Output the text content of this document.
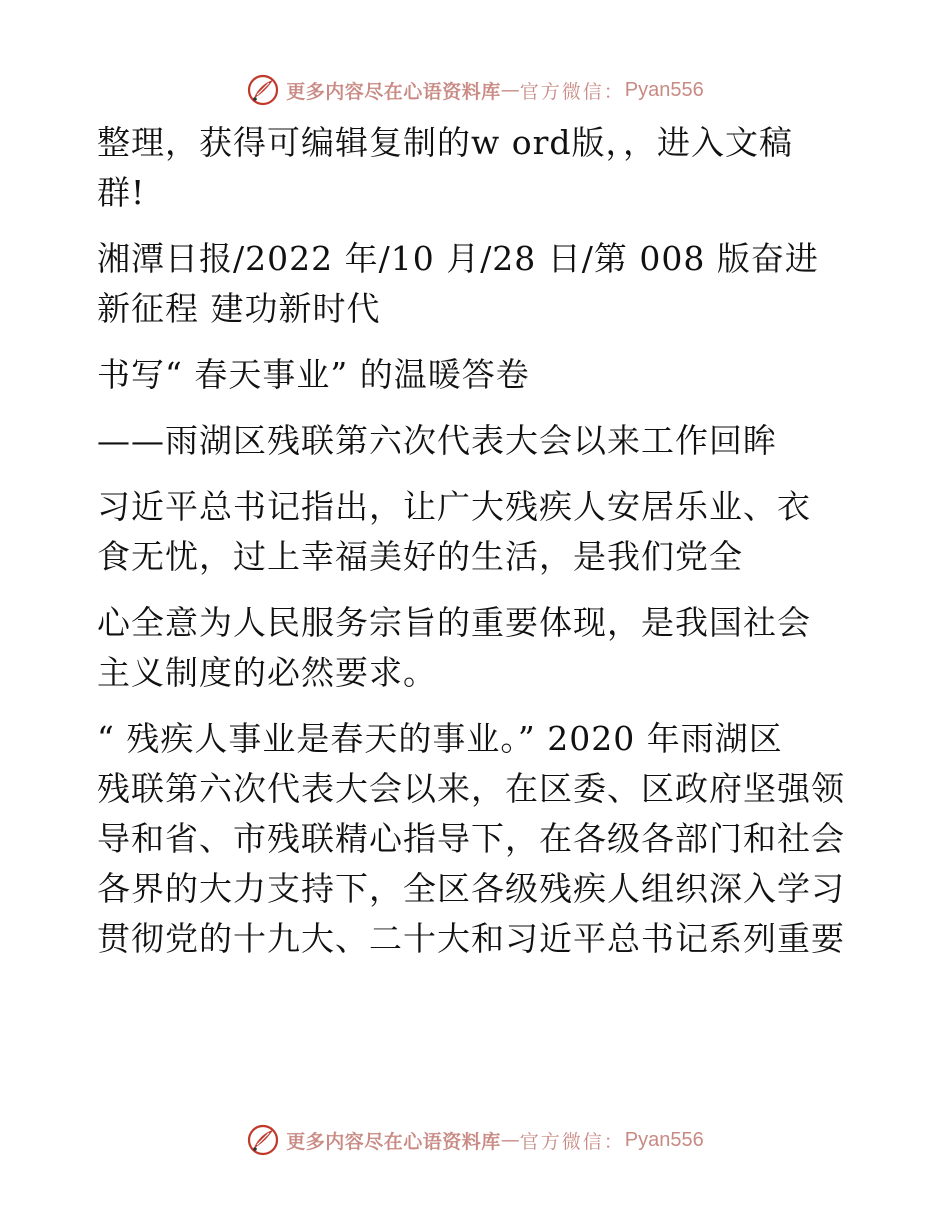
更多内容尽在心语资料库 — 官方微信： Pyan556

整理，获得可编辑复制的w ord版，，进入文稿

群!

湘潭日报/2022 年/10 月/28 日/第 008 版奋进

新征程 建功新时代

书写“ 春天事业” 的温暖答卷

——雨湖区残联第六次代表大会以来工作回眸

习近平总书记指出，让广大残疾人安居乐业、衣

食无忧，过上幸福美好的生活，是我们党全

心全意为人民服务宗旨的重要体现，是我国社会

主义制度的必然要求。

“ 残疾人事业是春天的事业。” 2020 年雨湖区

残联第六次代表大会以来，在区委、区政府坚强领

导和省、市残联精心指导下，在各级各部门和社会

各界的大力支持下，全区各级残疾人组织深入学习

贯彻党的十九大、二十大和习近平总书记系列重要

更多内容尽在心语资料库 — 官方微信： Pyan556
